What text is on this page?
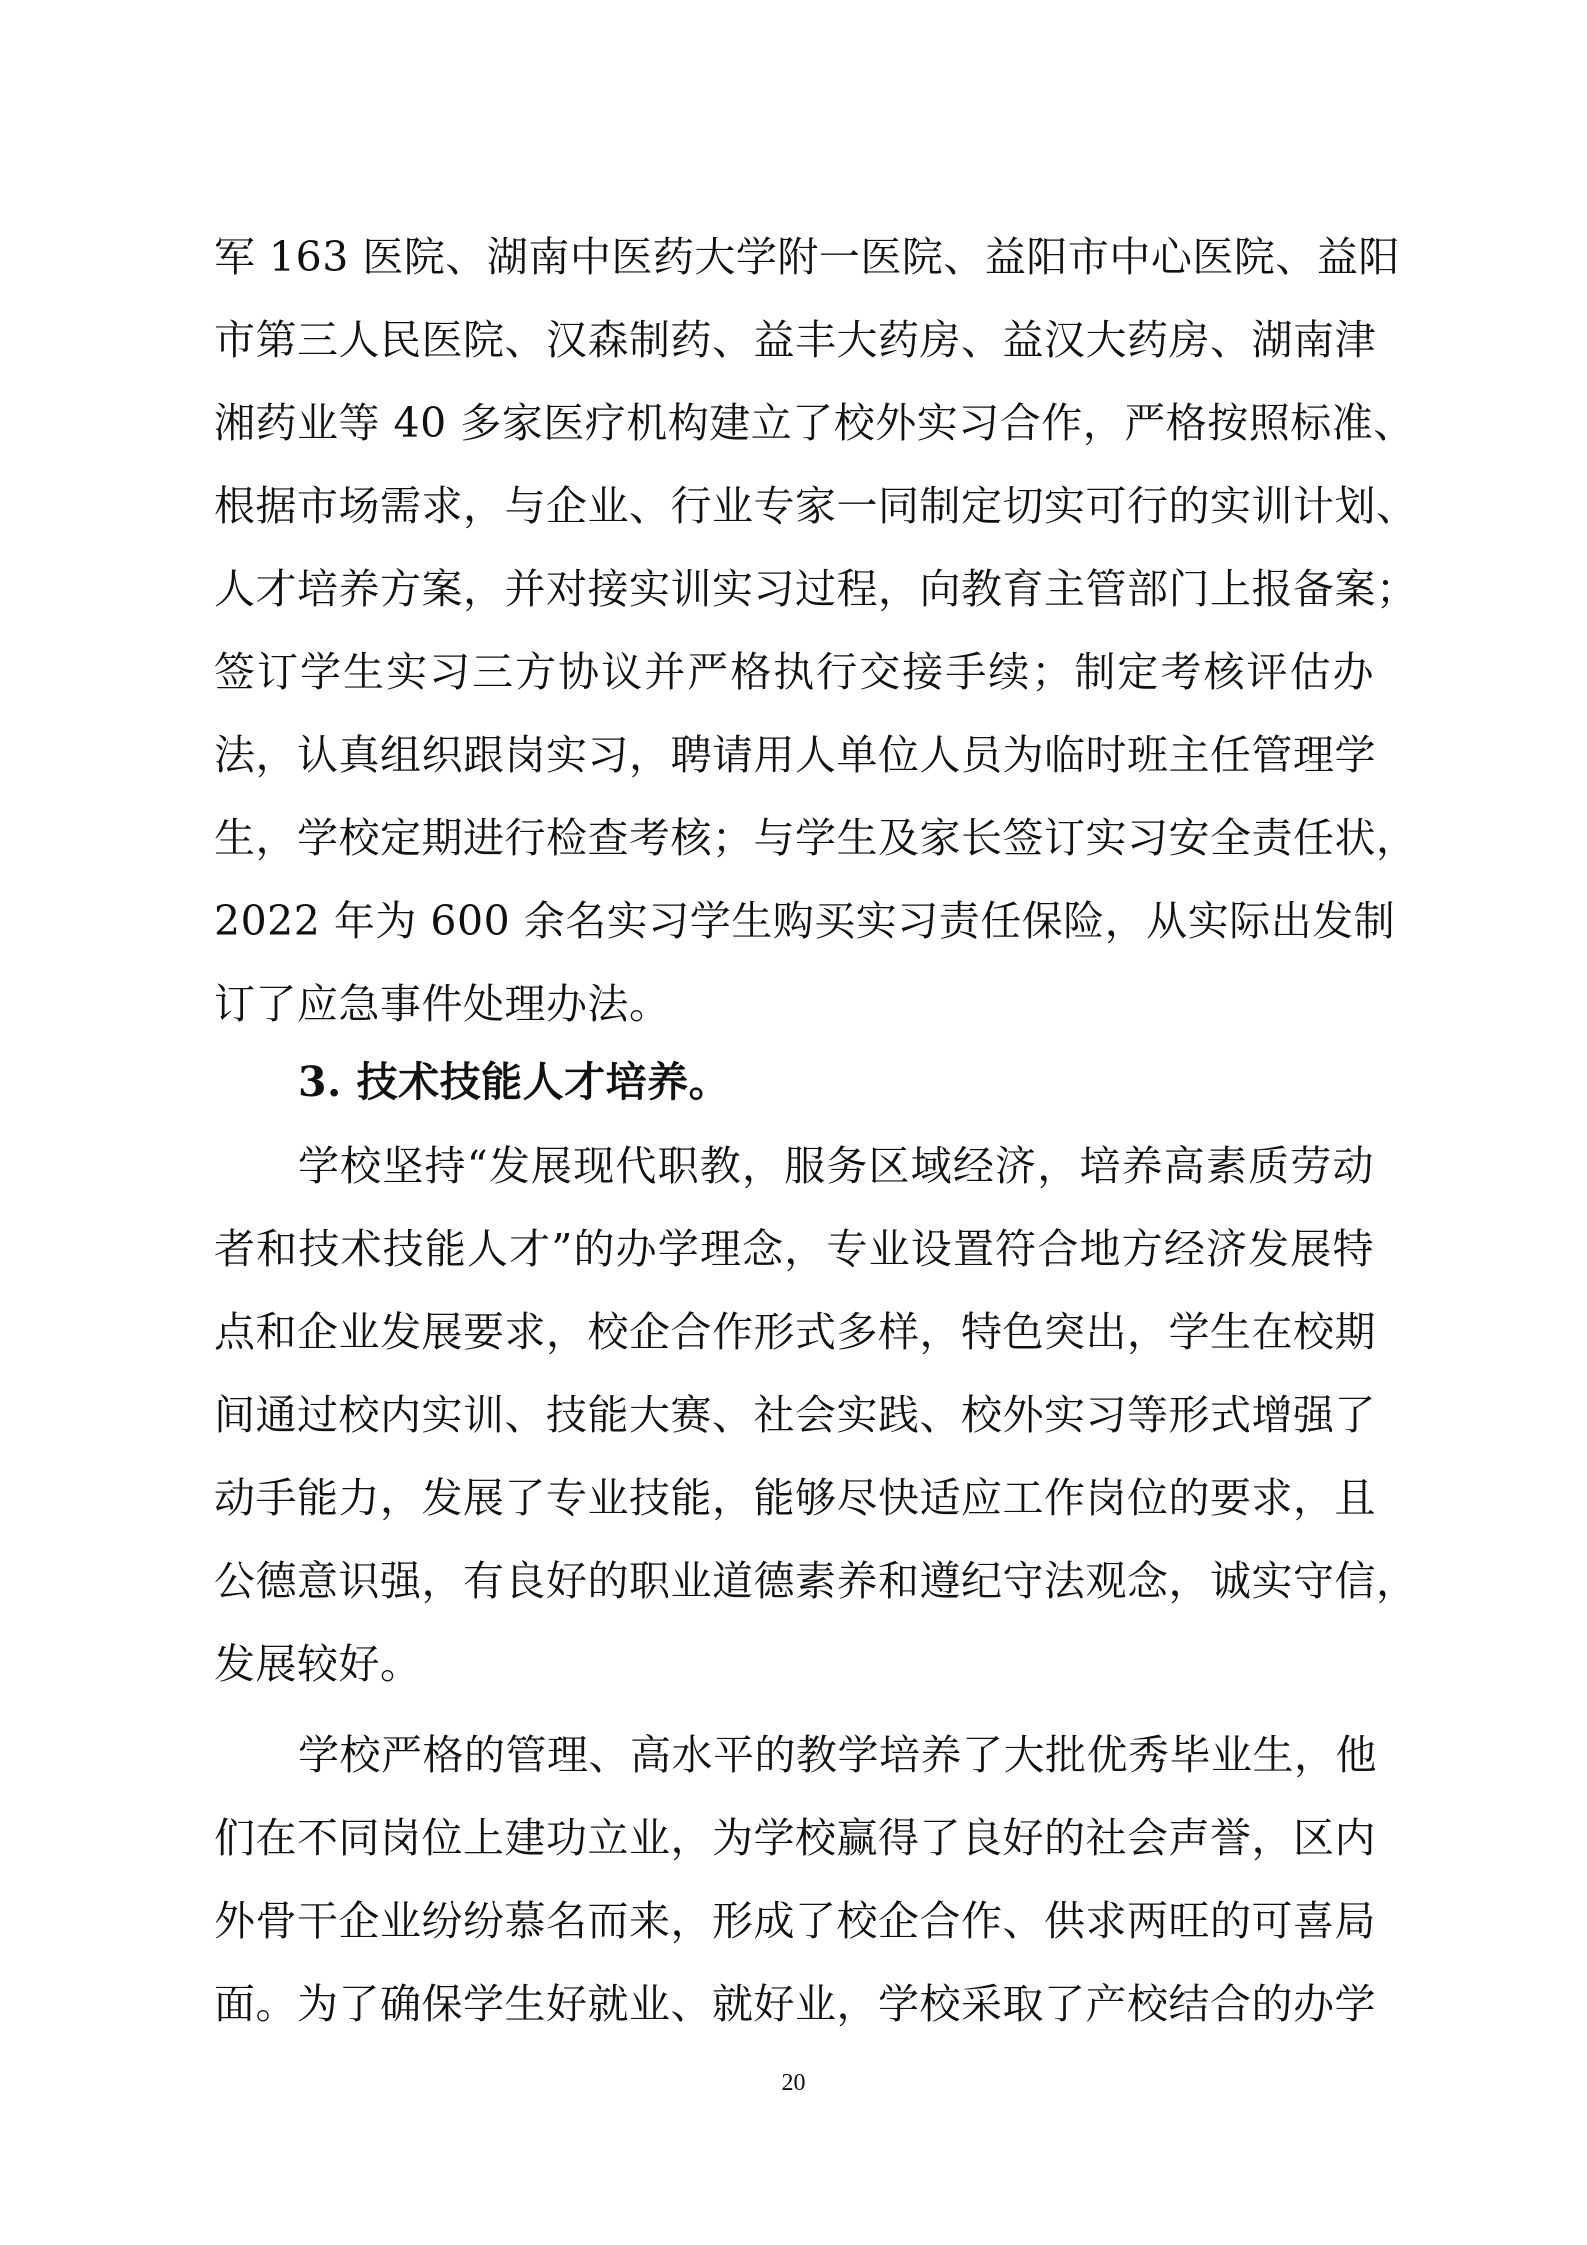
军 163 医院、湖南中医药大学附一医院、益阳市中心医院、益阳
市第三人民医院、汉森制药、益丰大药房、益汉大药房、湖南津
湘药业等 40 多家医疗机构建立了校外实习合作，严格按照标准、
根据市场需求，与企业、行业专家一同制定切实可行的实训计划、
人才培养方案，并对接实训实习过程，向教育主管部门上报备案；
签订学生实习三方协议并严格执行交接手续；制定考核评估办
法，认真组织跟岗实习，聘请用人单位人员为临时班主任管理学
生，学校定期进行检查考核；与学生及家长签订实习安全责任状，
2022 年为 600 余名实习学生购买实习责任保险，从实际出发制
订了应急事件处理办法。
3. 技术技能人才培养。
学校坚持“发展现代职教，服务区域经济，培养高素质劳动
者和技术技能人才”的办学理念，专业设置符合地方经济发展特
点和企业发展要求，校企合作形式多样，特色突出，学生在校期
间通过校内实训、技能大赛、社会实践、校外实习等形式增强了
动手能力，发展了专业技能，能够尽快适应工作岗位的要求，且
公德意识强，有良好的职业道德素养和遵纪守法观念，诚实守信，
发展较好。
学校严格的管理、高水平的教学培养了大批优秀毕业生，他
们在不同岗位上建功立业，为学校赢得了良好的社会声誉，区内
外骨干企业纷纷慕名而来，形成了校企合作、供求两旺的可喜局
面。为了确保学生好就业、就好业，学校采取了产校结合的办学
20
